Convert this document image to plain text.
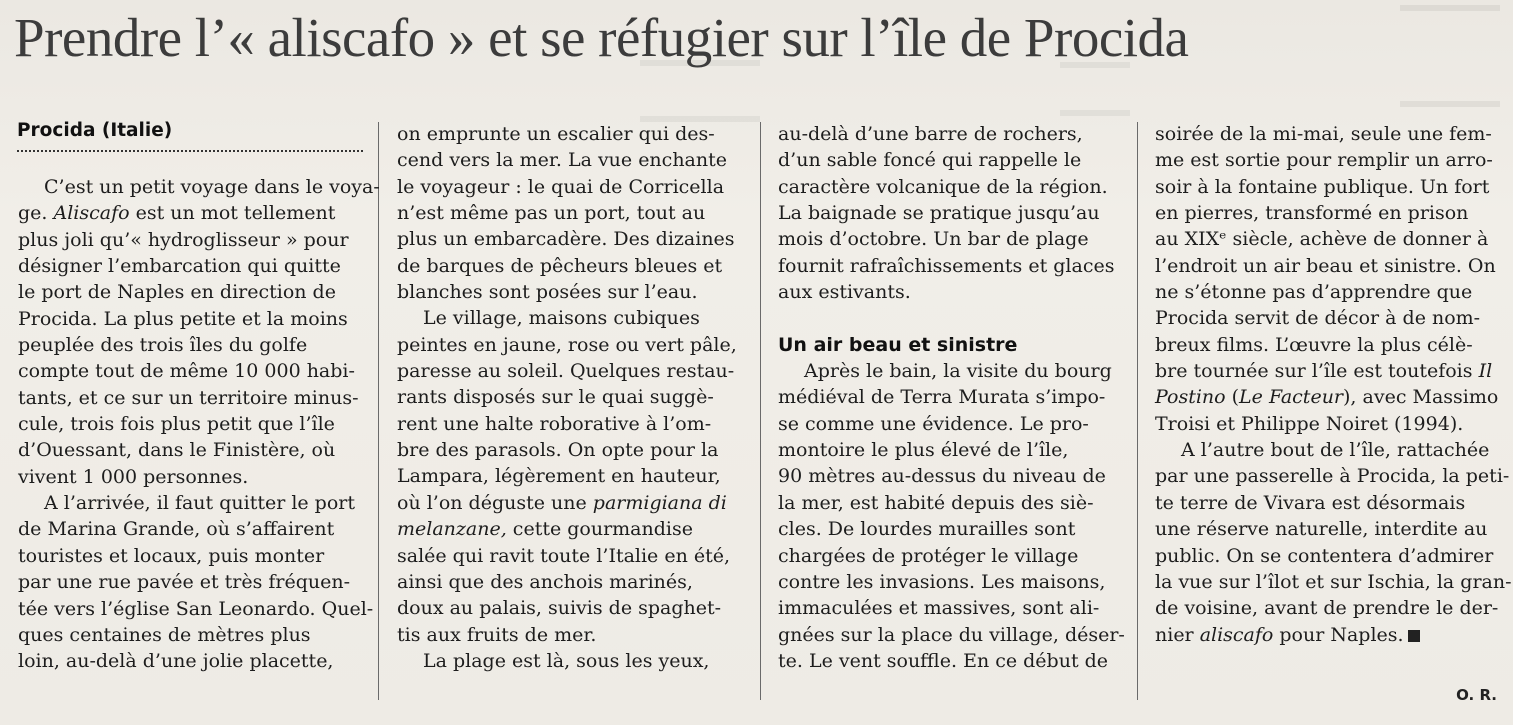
Prendre l’« aliscafo » et se réfugier sur l’île de Procida
Procida (Italie)
C’est un petit voyage dans le voya-
ge. Aliscafo est un mot tellement
plus joli qu’« hydroglisseur » pour
désigner l’embarcation qui quitte
le port de Naples en direction de
Procida. La plus petite et la moins
peuplée des trois îles du golfe
compte tout de même 10 000 habi-
tants, et ce sur un territoire minus-
cule, trois fois plus petit que l’île
d’Ouessant, dans le Finistère, où
vivent 1 000 personnes.
A l’arrivée, il faut quitter le port
de Marina Grande, où s’affairent
touristes et locaux, puis monter
par une rue pavée et très fréquen-
tée vers l’église San Leonardo. Quel-
ques centaines de mètres plus
loin, au-delà d’une jolie placette,
on emprunte un escalier qui des-
cend vers la mer. La vue enchante
le voyageur : le quai de Corricella
n’est même pas un port, tout au
plus un embarcadère. Des dizaines
de barques de pêcheurs bleues et
blanches sont posées sur l’eau.
Le village, maisons cubiques
peintes en jaune, rose ou vert pâle,
paresse au soleil. Quelques restau-
rants disposés sur le quai suggè-
rent une halte roborative à l’om-
bre des parasols. On opte pour la
Lampara, légèrement en hauteur,
où l’on déguste une parmigiana di
melanzane, cette gourmandise
salée qui ravit toute l’Italie en été,
ainsi que des anchois marinés,
doux au palais, suivis de spaghet-
tis aux fruits de mer.
La plage est là, sous les yeux,
au-delà d’une barre de rochers,
d’un sable foncé qui rappelle le
caractère volcanique de la région.
La baignade se pratique jusqu’au
mois d’octobre. Un bar de plage
fournit rafraîchissements et glaces
aux estivants.
Un air beau et sinistre
Après le bain, la visite du bourg
médiéval de Terra Murata s’impo-
se comme une évidence. Le pro-
montoire le plus élevé de l’île,
90 mètres au-dessus du niveau de
la mer, est habité depuis des siè-
cles. De lourdes murailles sont
chargées de protéger le village
contre les invasions. Les maisons,
immaculées et massives, sont ali-
gnées sur la place du village, déser-
te. Le vent souffle. En ce début de
soirée de la mi-mai, seule une fem-
me est sortie pour remplir un arro-
soir à la fontaine publique. Un fort
en pierres, transformé en prison
au XIXᵉ siècle, achève de donner à
l’endroit un air beau et sinistre. On
ne s’étonne pas d’apprendre que
Procida servit de décor à de nom-
breux films. L’œuvre la plus célè-
bre tournée sur l’île est toutefois Il
Postino (Le Facteur), avec Massimo
Troisi et Philippe Noiret (1994).
A l’autre bout de l’île, rattachée
par une passerelle à Procida, la peti-
te terre de Vivara est désormais
une réserve naturelle, interdite au
public. On se contentera d’admirer
la vue sur l’îlot et sur Ischia, la gran-
de voisine, avant de prendre le der-
nier aliscafo pour Naples.
O. R.
